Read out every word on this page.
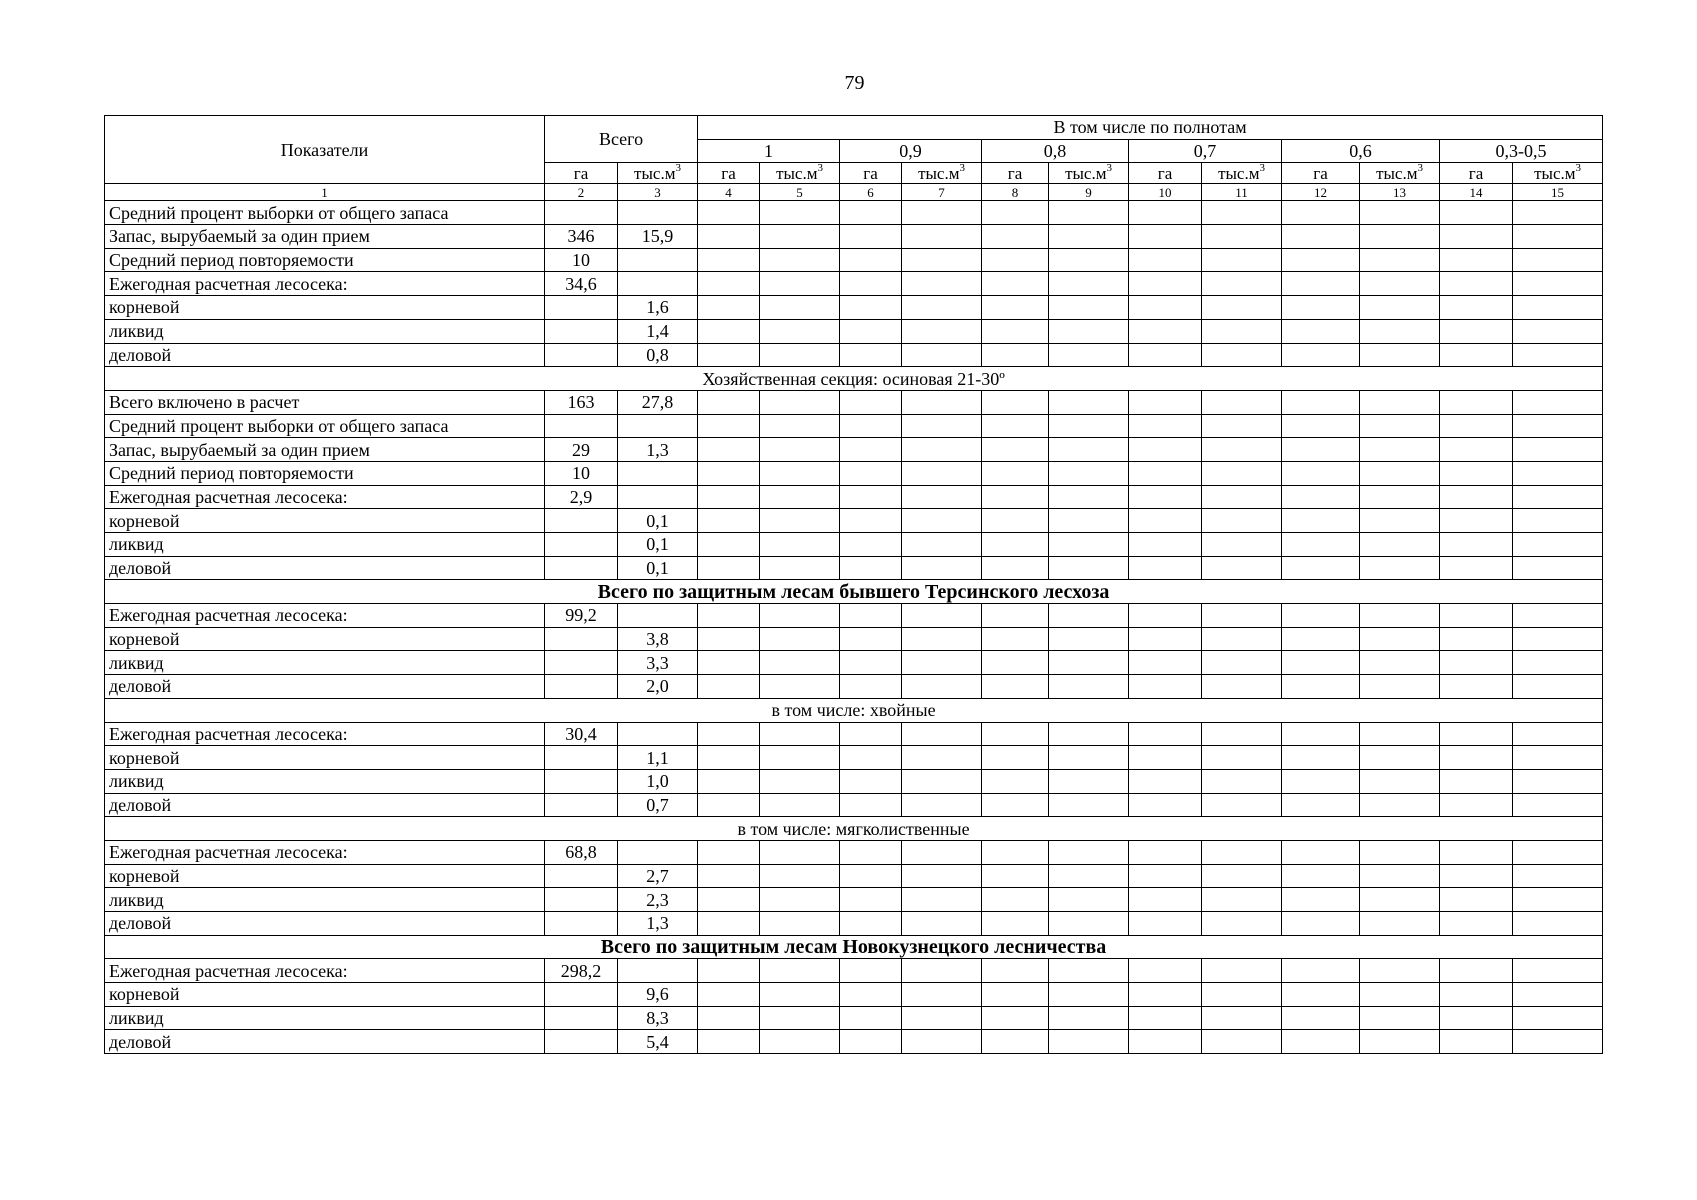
79
Показатели	Всего		В том числе по полнотам											
			1		0,9		0,8		0,7		0,6		0,3-0,5	
	га	$тыс.м^3$	га	$тыс.м^3$	га	$тыс.м^3$	га	$тыс.м^3$	га	$тыс.м^3$	га	$тыс.м^3$	га	$тыс.м^3$
1	2	3	4	5	6	7	8	9	10	11	12	13	14	15
Средний процент выборки от общего запаса														
Запас, вырубаемый за один прием	346	15,9												
Средний период повторяемости	10													
Ежегодная расчетная лесосека:	34,6													
корневой		1,6												
ликвид		1,4												
деловой		0,8												
Хозяйственная секция: осиновая 21-30º														
Всего включено в расчет	163	27,8												
Средний процент выборки от общего запаса														
Запас, вырубаемый за один прием	29	1,3												
Средний период повторяемости	10													
Ежегодная расчетная лесосека:	2,9													
корневой		0,1												
ликвид		0,1												
деловой		0,1												
Всего по защитным лесам бывшего Терсинского лесхоза														
Ежегодная расчетная лесосека:	99,2													
корневой		3,8												
ликвид		3,3												
деловой		2,0												
в том числе: хвойные														
Ежегодная расчетная лесосека:	30,4													
корневой		1,1												
ликвид		1,0												
деловой		0,7												
в том числе: мягколиственные														
Ежегодная расчетная лесосека:	68,8													
корневой		2,7												
ликвид		2,3												
деловой		1,3												
Всего по защитным лесам Новокузнецкого лесничества														
Ежегодная расчетная лесосека:	298,2													
корневой		9,6												
ликвид		8,3												
деловой		5,4												
